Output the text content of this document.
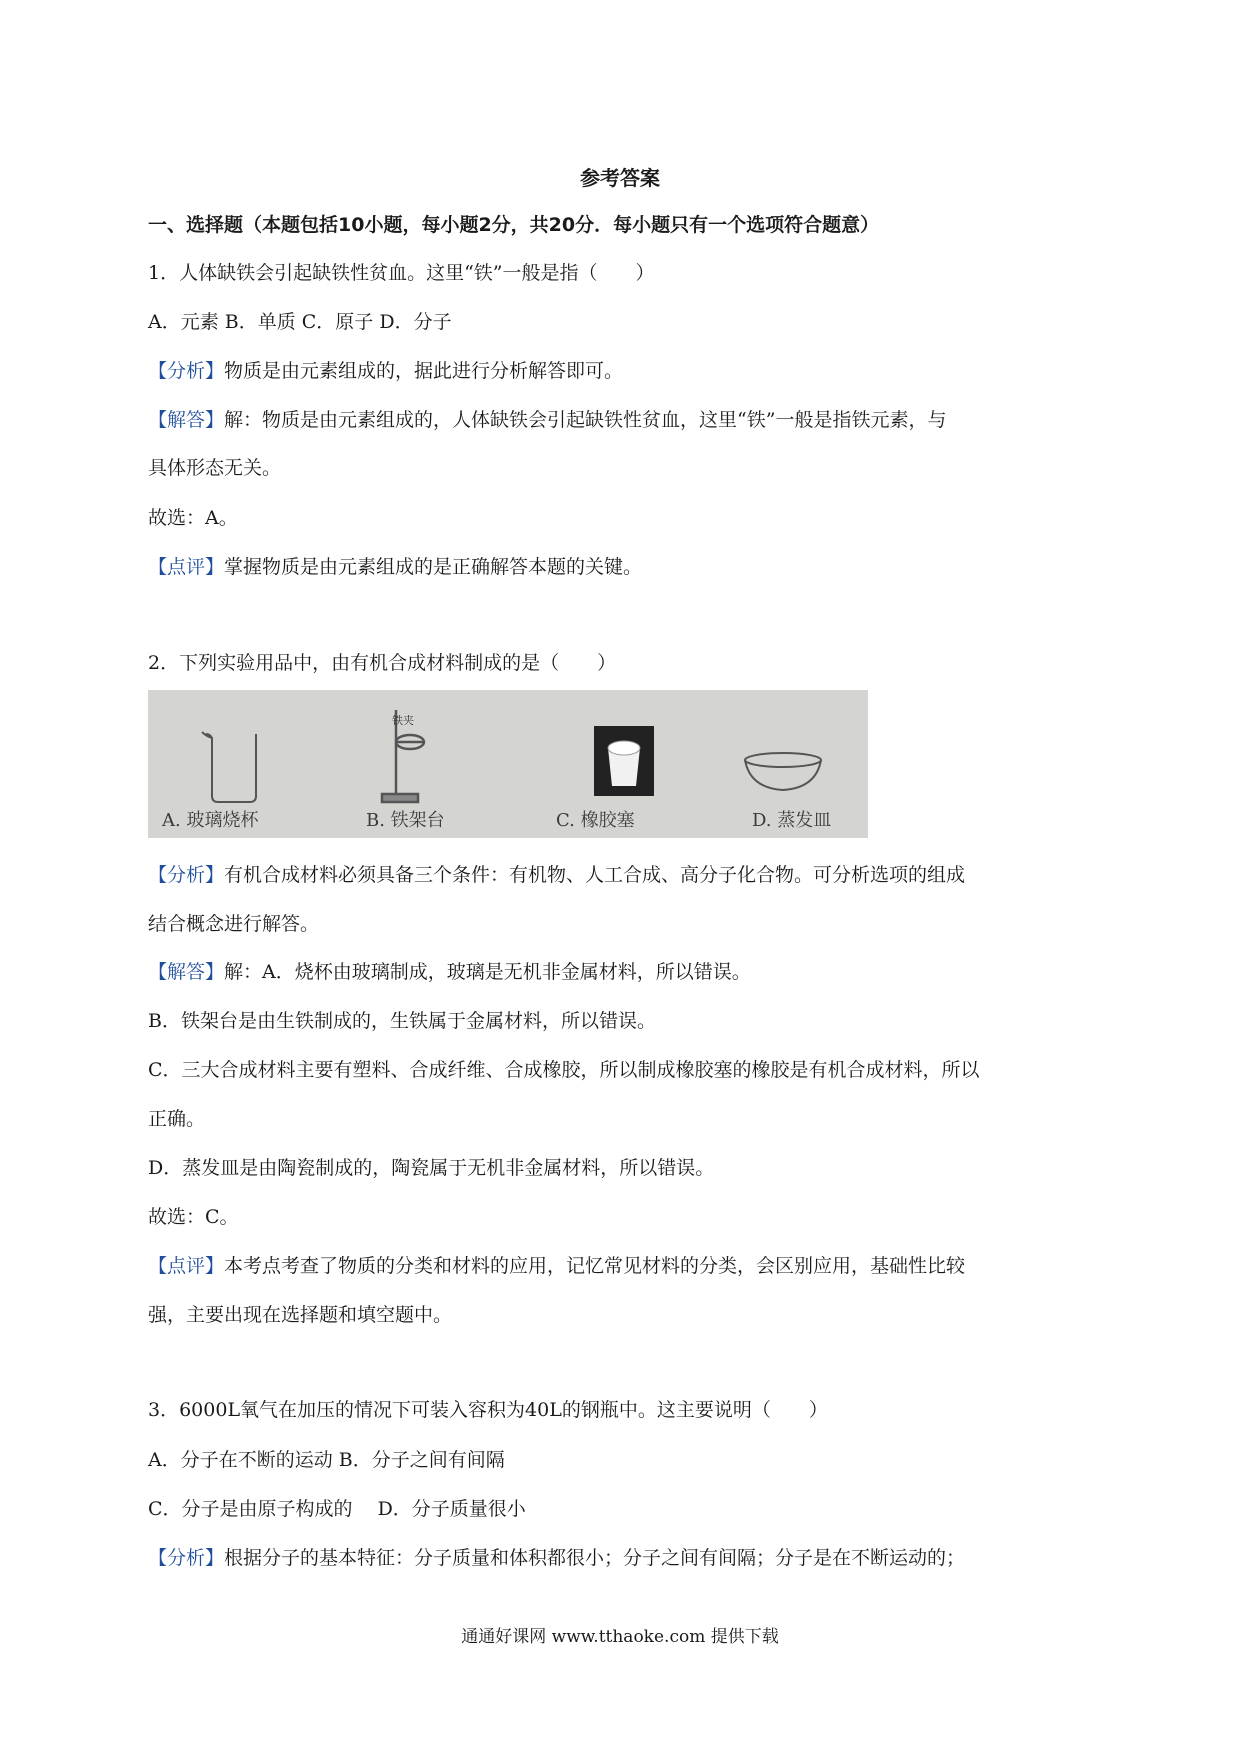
参考答案
一、选择题（本题包括10小题，每小题2分，共20分．每小题只有一个选项符合题意）
1．人体缺铁会引起缺铁性贫血。这里“铁”一般是指（　　）
A．元素 B．单质 C．原子 D．分子
【分析】物质是由元素组成的，据此进行分析解答即可。
【解答】解：物质是由元素组成的，人体缺铁会引起缺铁性贫血，这里“铁”一般是指铁元素，与
具体形态无关。
故选：A。
【点评】掌握物质是由元素组成的是正确解答本题的关键。
2．下列实验用品中，由有机合成材料制成的是（　　）
铁夹
A. 玻璃烧杯	B. 铁架台	C. 橡胶塞	D. 蒸发皿
【分析】有机合成材料必须具备三个条件：有机物、人工合成、高分子化合物。可分析选项的组成
结合概念进行解答。
【解答】解：A．烧杯由玻璃制成，玻璃是无机非金属材料，所以错误。
B．铁架台是由生铁制成的，生铁属于金属材料，所以错误。
C．三大合成材料主要有塑料、合成纤维、合成橡胶，所以制成橡胶塞的橡胶是有机合成材料，所以
正确。
D．蒸发皿是由陶瓷制成的，陶瓷属于无机非金属材料，所以错误。
故选：C。
【点评】本考点考查了物质的分类和材料的应用，记忆常见材料的分类，会区别应用，基础性比较
强，主要出现在选择题和填空题中。
3．6000L氧气在加压的情况下可装入容积为40L的钢瓶中。这主要说明（　　）
A．分子在不断的运动 B．分子之间有间隔
C．分子是由原子构成的　 D．分子质量很小
【分析】根据分子的基本特征：分子质量和体积都很小；分子之间有间隔；分子是在不断运动的；
通通好课网 www.tthaoke.com 提供下载
